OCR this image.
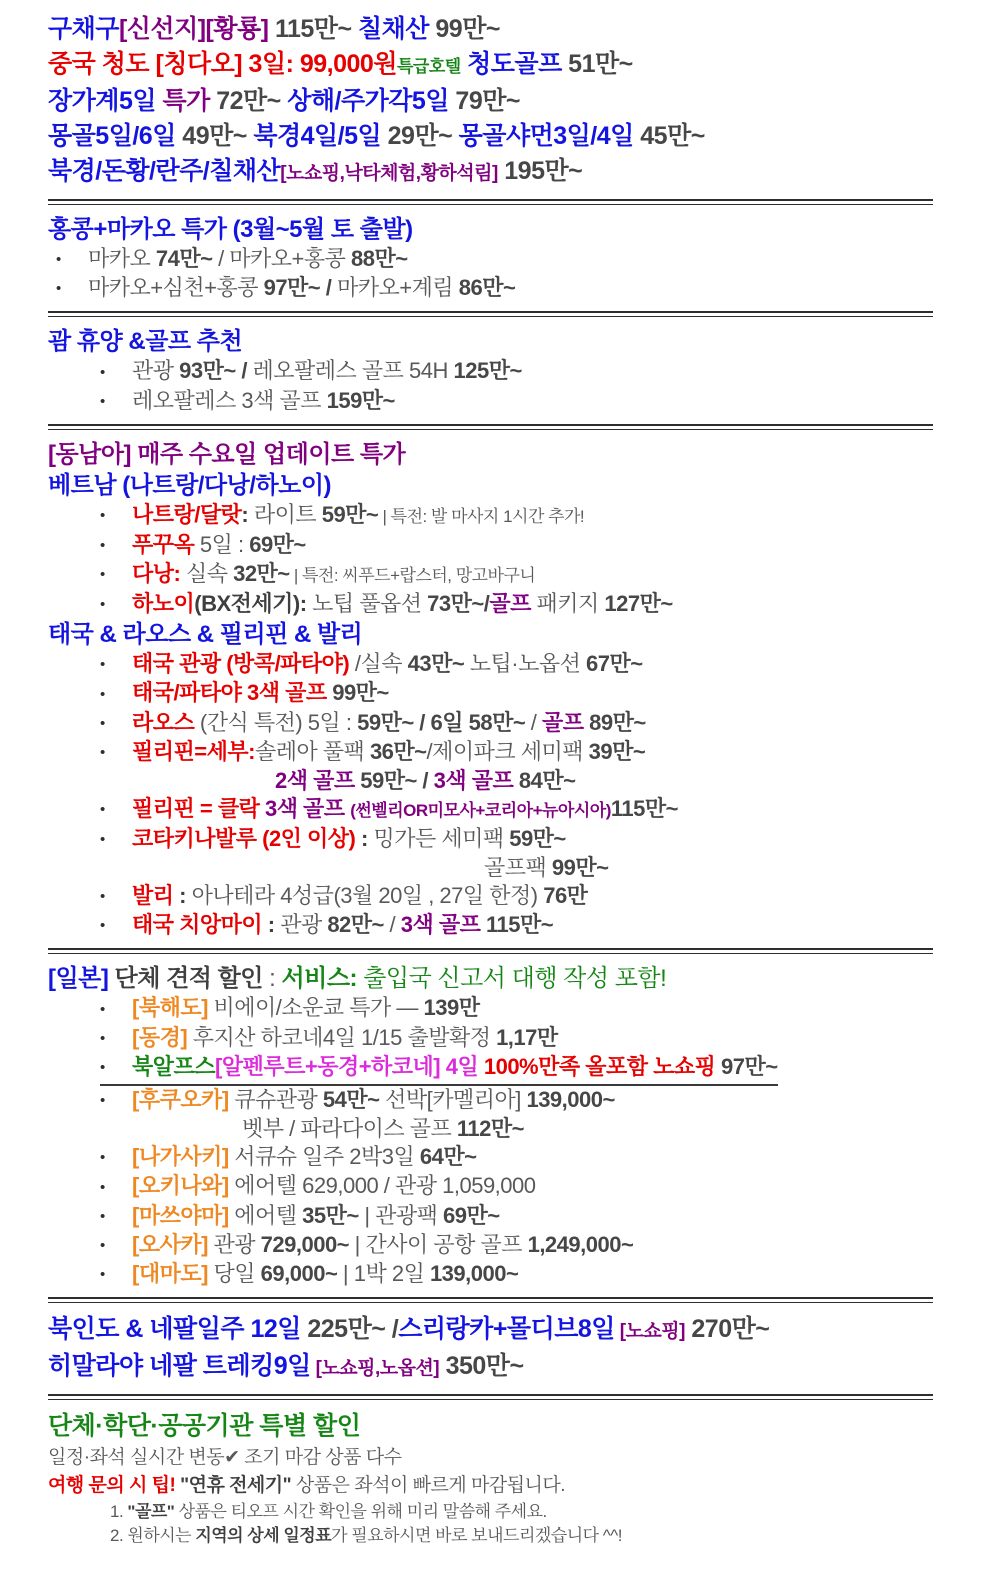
구채구[신선지][황룡] 115만~ 칠채산 99만~
중국 청도 [칭다오] 3일: 99,000원특급호텔 청도골프 51만~
장가계5일 특가 72만~ 상해/주가각5일 79만~
몽골5일/6일 49만~ 북경4일/5일 29만~ 몽골샤먼3일/4일 45만~
북경/돈황/란주/칠채산[노쇼핑,낙타체험,황하석림] 195만~
홍콩+마카오 특가 (3월~5월 토 출발)
• 마카오 74만~ / 마카오+홍콩 88만~
• 마카오+심천+홍콩 97만~ / 마카오+계림 86만~
괌 휴양 &골프 추천
• 관광 93만~ / 레오팔레스 골프 54H 125만~
• 레오팔레스 3색 골프 159만~
[동남아] 매주 수요일 업데이트 특가
베트남 (나트랑/다낭/하노이)
• 나트랑/달랏: 라이트 59만~ | 특전: 발 마사지 1시간 추가!
• 푸꾸옥 5일 : 69만~
• 다낭: 실속 32만~ | 특전: 씨푸드+랍스터, 망고바구니
• 하노이(BX전세기): 노팁 풀옵션 73만~/골프 패키지 127만~
태국 & 라오스 & 필리핀 & 발리
• 태국 관광 (방콕/파타야) /실속 43만~ 노팁·노옵션 67만~
• 태국/파타야 3색 골프 99만~
• 라오스 (간식 특전) 5일 : 59만~ / 6일 58만~ / 골프 89만~
• 필리핀=세부:솔레아 풀팩 36만~/제이파크 세미팩 39만~
2색 골프 59만~ / 3색 골프 84만~
• 필리핀 = 클락 3색 골프 (썬벨리OR미모사+코리아+뉴아시아)115만~
• 코타키나발루 (2인 이상) : 밍가든 세미팩 59만~
골프팩 99만~
• 발리 : 아나테라 4성급(3월 20일 , 27일 한정) 76만
• 태국 치앙마이 : 관광 82만~ / 3색 골프 115만~
[일본] 단체 견적 할인 : 서비스: 출입국 신고서 대행 작성 포함!
• [북해도] 비에이/소운쿄 특가 — 139만
• [동경] 후지산 하코네4일 1/15 출발확정 1,17만
• 북알프스[알펜루트+동경+하코네] 4일 100%만족 올포함 노쇼핑 97만~
• [후쿠오카] 큐슈관광 54만~ 선박[카멜리아] 139,000~
벳부 / 파라다이스 골프 112만~
• [나가사키] 서큐슈 일주 2박3일 64만~
• [오키나와] 에어텔 629,000 / 관광 1,059,000
• [마쓰야마] 에어텔 35만~ | 관광팩 69만~
• [오사카] 관광 729,000~ | 간사이 공항 골프 1,249,000~
• [대마도] 당일 69,000~ | 1박 2일 139,000~
북인도 & 네팔일주 12일 225만~ /스리랑카+몰디브8일 [노쇼핑] 270만~
히말라야 네팔 트레킹9일 [노쇼핑,노옵션] 350만~
단체·학단·공공기관 특별 할인
일정·좌석 실시간 변동✔ 조기 마감 상품 다수
여행 문의 시 팁! "연휴 전세기" 상품은 좌석이 빠르게 마감됩니다.
1. "골프" 상품은 티오프 시간 확인을 위해 미리 말씀해 주세요.
2. 원하시는 지역의 상세 일정표가 필요하시면 바로 보내드리겠습니다 ^^!
